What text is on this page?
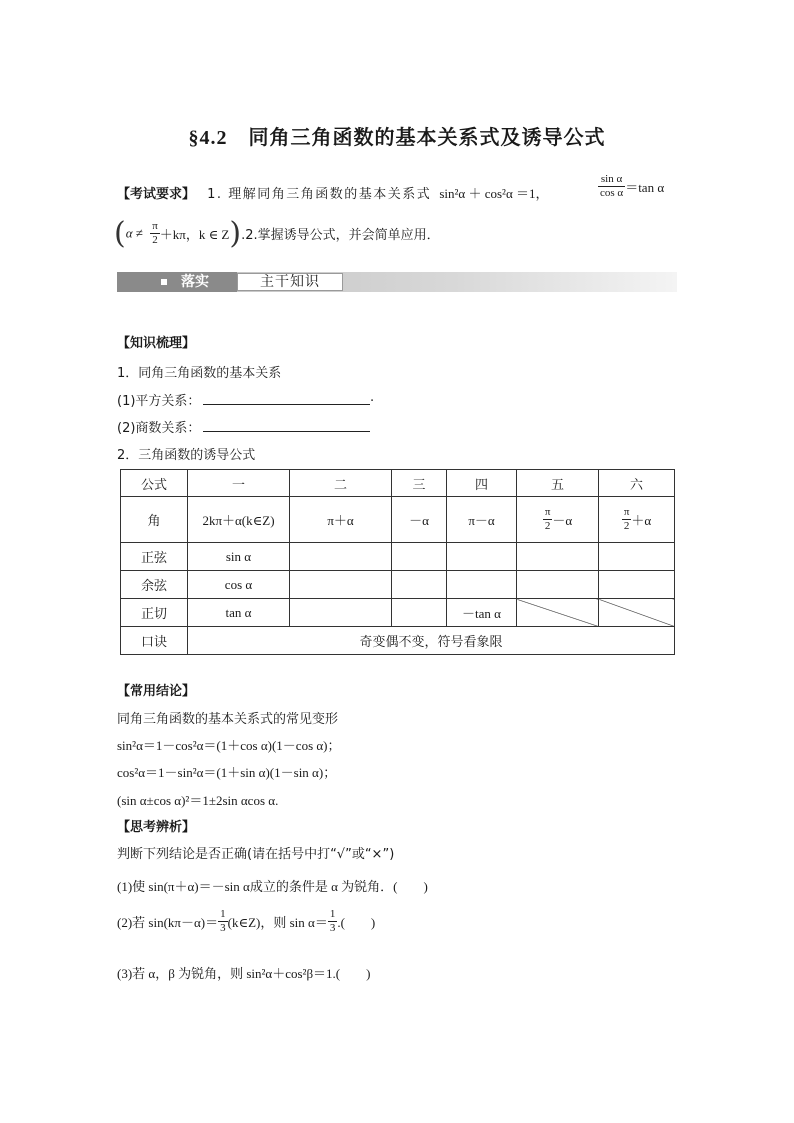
§4.2　同角三角函数的基本关系式及诱导公式
【考试要求】 1. 理解同角三角函数的基本关系式 sin²α ＋ cos²α ＝1，	$\frac{\text{sin α}}{\text{cos α}} =\tan$ α
($\alpha \ne \frac{\pi}{2} +k\pi$，k ∈ Z).2.掌握诱导公式，并会简单应用．
落实	主干知识
【知识梳理】
1．同角三角函数的基本关系
(1)平方关系：	.
(2)商数关系：
2．三角函数的诱导公式
公式	一	二	三	四	五	六
角	2kπ＋α(k∈Z)	π＋α	－α	π－α	$\frac{\pi}{2} -\alpha$	$\frac{\pi}{2} +\alpha$
正弦	sin α					
余弦	cos α					
正切	tan α			－tan α		
口诀	奇变偶不变，符号看象限					
【常用结论】
同角三角函数的基本关系式的常见变形
sin²α＝1－cos²α＝(1＋cos α)(1－cos α)；
cos²α＝1－sin²α＝(1＋sin α)(1－sin α)；
(sin α±cos α)²＝1±2sin αcos α.
【思考辨析】
判断下列结论是否正确(请在括号中打“√”或“×”)
(1)使 sin(π＋α)＝－sin α成立的条件是 α 为锐角．(　　)
(2)若 $\sin(k\pi-\alpha)= \frac{1}{3}$ (k∈Z)，则 $\sin \alpha= \frac{1}{3}$ .(　　)
(3)若 α，β 为锐角，则 sin²α＋cos²β＝1.(　　)
